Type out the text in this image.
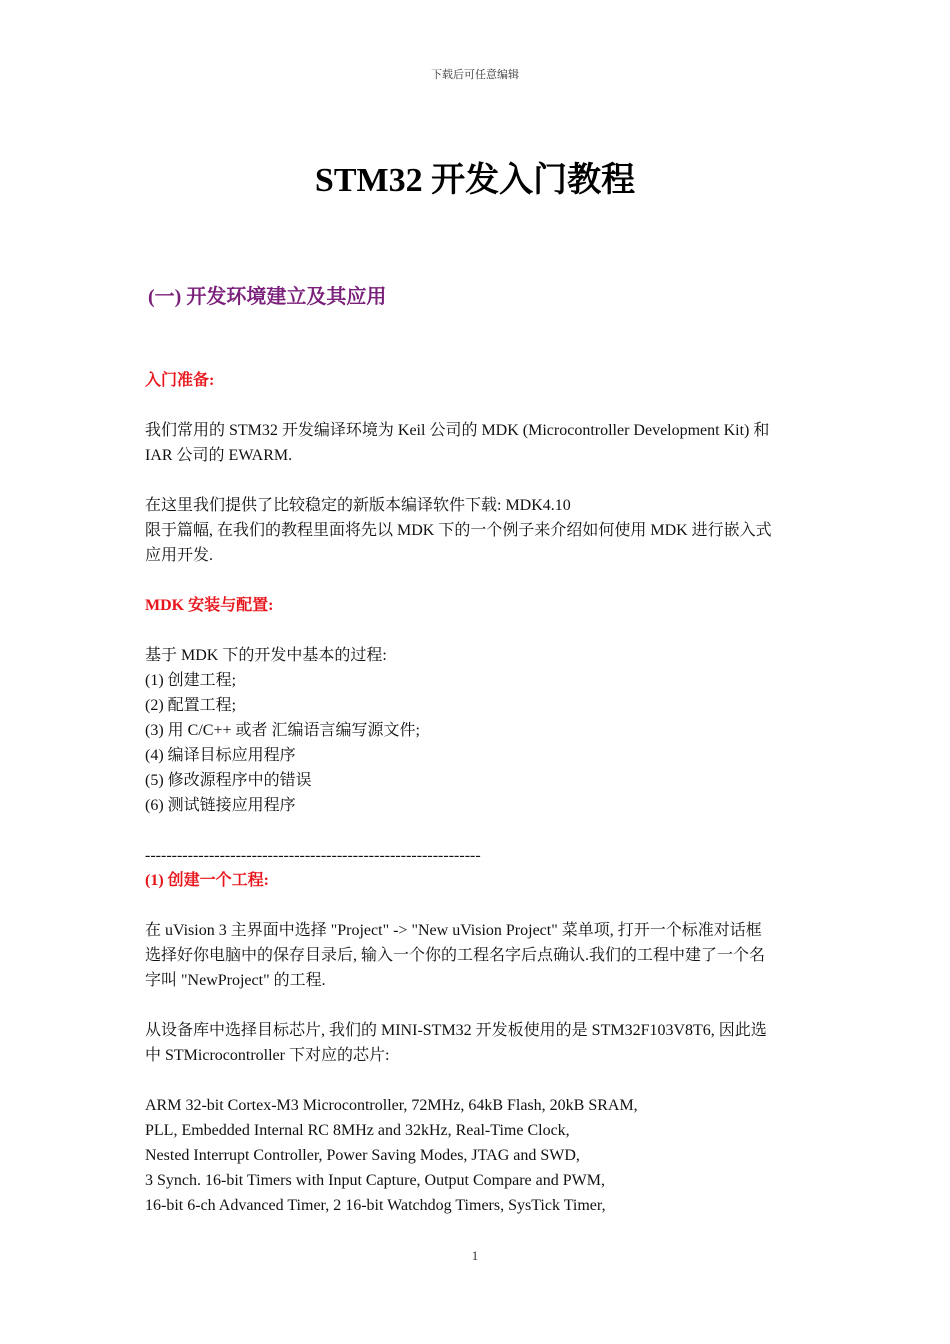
下载后可任意编辑
STM32 开发入门教程
(一) 开发环境建立及其应用

入门准备:

我们常用的 STM32 开发编译环境为 Keil 公司的 MDK (Microcontroller Development Kit) 和

IAR 公司的 EWARM.

在这里我们提供了比较稳定的新版本编译软件下载: MDK4.10

限于篇幅, 在我们的教程里面将先以 MDK 下的一个例子来介绍如何使用 MDK 进行嵌入式

应用开发.

MDK 安装与配置:

基于 MDK 下的开发中基本的过程:

(1) 创建工程;

(2) 配置工程;

(3) 用 C/C++ 或者 汇编语言编写源文件;

(4) 编译目标应用程序

(5) 修改源程序中的错误

(6) 测试链接应用程序

---------------------------------------------------------------

(1) 创建一个工程:

在 uVision 3 主界面中选择 "Project" -> "New uVision Project" 菜单项, 打开一个标准对话框

选择好你电脑中的保存目录后, 输入一个你的工程名字后点确认.我们的工程中建了一个名

字叫 "NewProject" 的工程.

从设备库中选择目标芯片, 我们的 MINI-STM32 开发板使用的是 STM32F103V8T6, 因此选

中 STMicrocontroller 下对应的芯片:

ARM 32-bit Cortex-M3 Microcontroller, 72MHz, 64kB Flash, 20kB SRAM,

PLL, Embedded Internal RC 8MHz and 32kHz, Real-Time Clock,

Nested Interrupt Controller, Power Saving Modes, JTAG and SWD,

3 Synch. 16-bit Timers with Input Capture, Output Compare and PWM,

16-bit 6-ch Advanced Timer, 2 16-bit Watchdog Timers, SysTick Timer,

1
